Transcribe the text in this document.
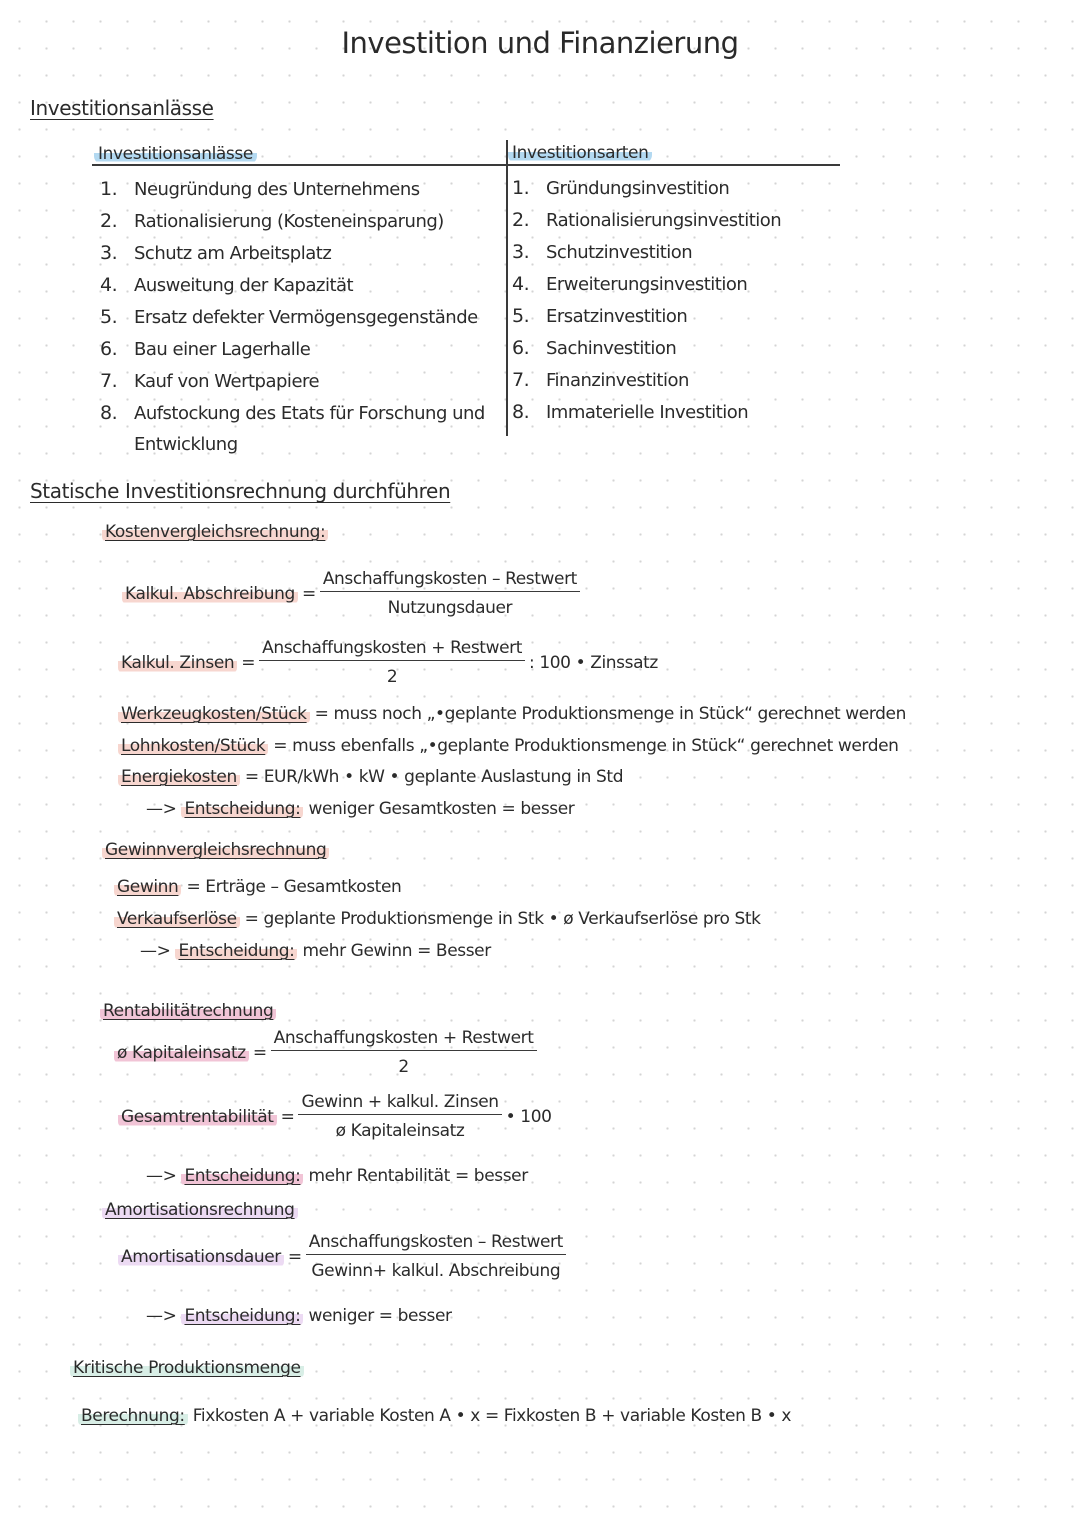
Investition und Finanzierung
Investitionsanlässe
Investitionsanlässe	Investitionsarten
1. Neugründung des Unternehmens
2. Rationalisierung (Kosteneinsparung)
3. Schutz am Arbeitsplatz
4. Ausweitung der Kapazität
5. Ersatz defekter Vermögensgegenstände
6. Bau einer Lagerhalle
7. Kauf von Wertpapiere
8. Aufstockung des Etats für Forschung und
Entwicklung
1. Gründungsinvestition
2. Rationalisierungsinvestition
3. Schutzinvestition
4. Erweiterungsinvestition
5. Ersatzinvestition
6. Sachinvestition
7. Finanzinvestition
8. Immaterielle Investition
Statische Investitionsrechnung durchführen
Kostenvergleichsrechnung:
Kalkul. Abschreibung = $\frac{\text{Anschaffungskosten – Restwert}}{\text{Nutzungsdauer}}$
Kalkul. Zinsen = $\frac{\text{Anschaffungskosten + Restwert}}{2}$ : 100 • Zinssatz
Werkzeugkosten/Stück = muss noch „•geplante Produktionsmenge in Stück“ gerechnet werden
Lohnkosten/Stück = muss ebenfalls „•geplante Produktionsmenge in Stück“ gerechnet werden
Energiekosten = EUR/kWh • kW • geplante Auslastung in Std
—> Entscheidung: weniger Gesamtkosten = besser
Gewinnvergleichsrechnung
Gewinn = Erträge – Gesamtkosten
Verkaufserlöse = geplante Produktionsmenge in Stk • ø Verkaufserlöse pro Stk
—> Entscheidung: mehr Gewinn = Besser
Rentabilitätrechnung
ø Kapitaleinsatz = $\frac{\text{Anschaffungskosten + Restwert}}{2}$
Gesamtrentabilität = $\frac{\text{Gewinn + kalkul. Zinsen}}{\text{ø Kapitaleinsatz}}$ • 100
—> Entscheidung: mehr Rentabilität = besser
Amortisationsrechnung
Amortisationsdauer = $\frac{\text{Anschaffungskosten – Restwert}}{\text{Gewinn+ kalkul. Abschreibung}}$
—> Entscheidung: weniger = besser
Kritische Produktionsmenge
Berechnung: Fixkosten A + variable Kosten A • x = Fixkosten B + variable Kosten B • x
